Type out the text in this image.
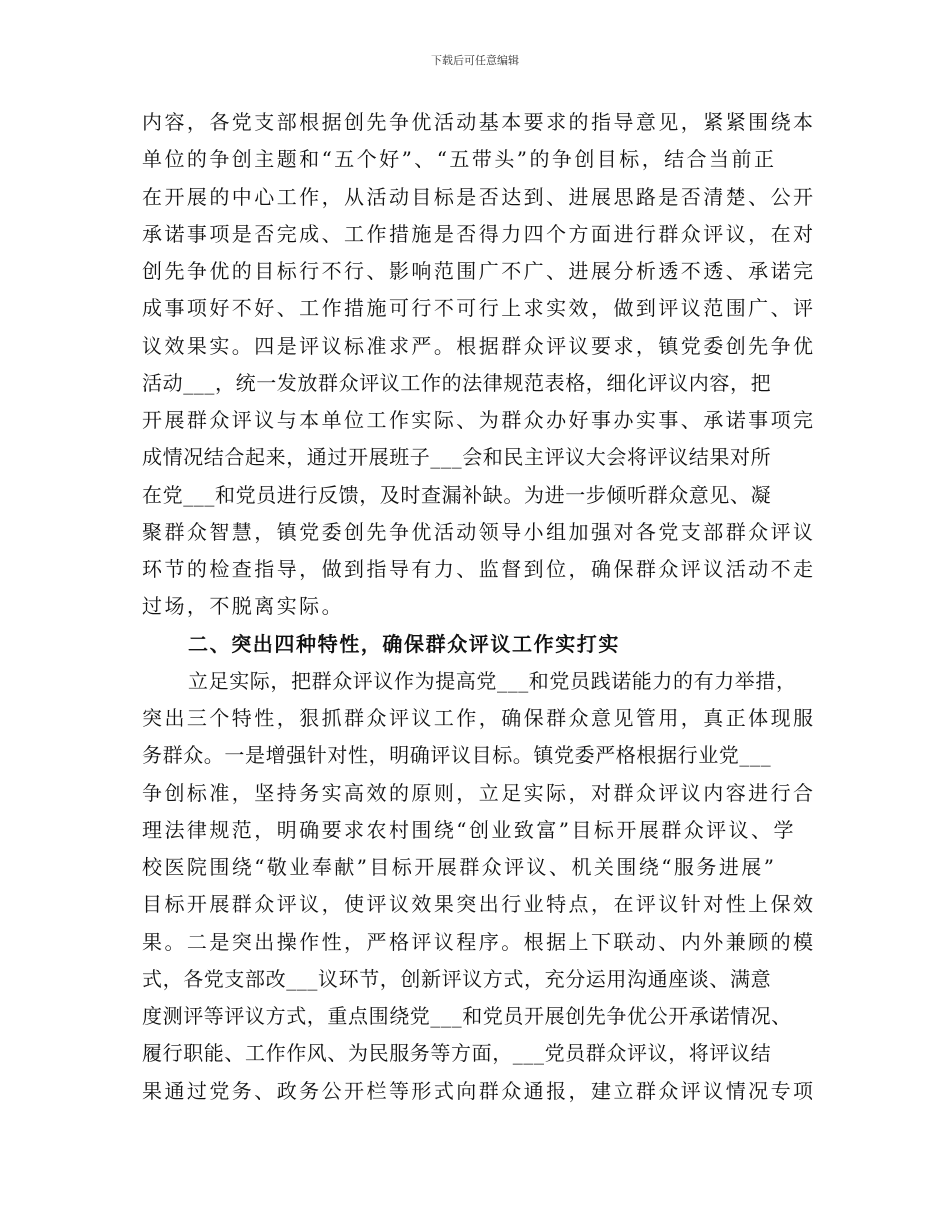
下载后可任意编辑
内容，各党支部根据创先争优活动基本要求的指导意见，紧紧围绕本
单位的争创主题和“五个好”、“五带头”的争创目标，结合当前正
在开展的中心工作，从活动目标是否达到、进展思路是否清楚、公开
承诺事项是否完成、工作措施是否得力四个方面进行群众评议，在对
创先争优的目标行不行、影响范围广不广、进展分析透不透、承诺完
成事项好不好、工作措施可行不可行上求实效，做到评议范围广、评
议效果实。四是评议标准求严。根据群众评议要求，镇党委创先争优
活动___，统一发放群众评议工作的法律规范表格，细化评议内容，把
开展群众评议与本单位工作实际、为群众办好事办实事、承诺事项完
成情况结合起来，通过开展班子___会和民主评议大会将评议结果对所
在党___和党员进行反馈，及时查漏补缺。为进一步倾听群众意见、凝
聚群众智慧，镇党委创先争优活动领导小组加强对各党支部群众评议
环节的检查指导，做到指导有力、监督到位，确保群众评议活动不走
过场，不脱离实际。
二、突出四种特性，确保群众评议工作实打实
立足实际，把群众评议作为提高党___和党员践诺能力的有力举措，
突出三个特性，狠抓群众评议工作，确保群众意见管用，真正体现服
务群众。一是增强针对性，明确评议目标。镇党委严格根据行业党___
争创标准，坚持务实高效的原则，立足实际，对群众评议内容进行合
理法律规范，明确要求农村围绕“创业致富”目标开展群众评议、学
校医院围绕“敬业奉献”目标开展群众评议、机关围绕“服务进展”
目标开展群众评议，使评议效果突出行业特点，在评议针对性上保效
果。二是突出操作性，严格评议程序。根据上下联动、内外兼顾的模
式，各党支部改___议环节，创新评议方式，充分运用沟通座谈、满意
度测评等评议方式，重点围绕党___和党员开展创先争优公开承诺情况、
履行职能、工作作风、为民服务等方面，___党员群众评议，将评议结
果通过党务、政务公开栏等形式向群众通报，建立群众评议情况专项
